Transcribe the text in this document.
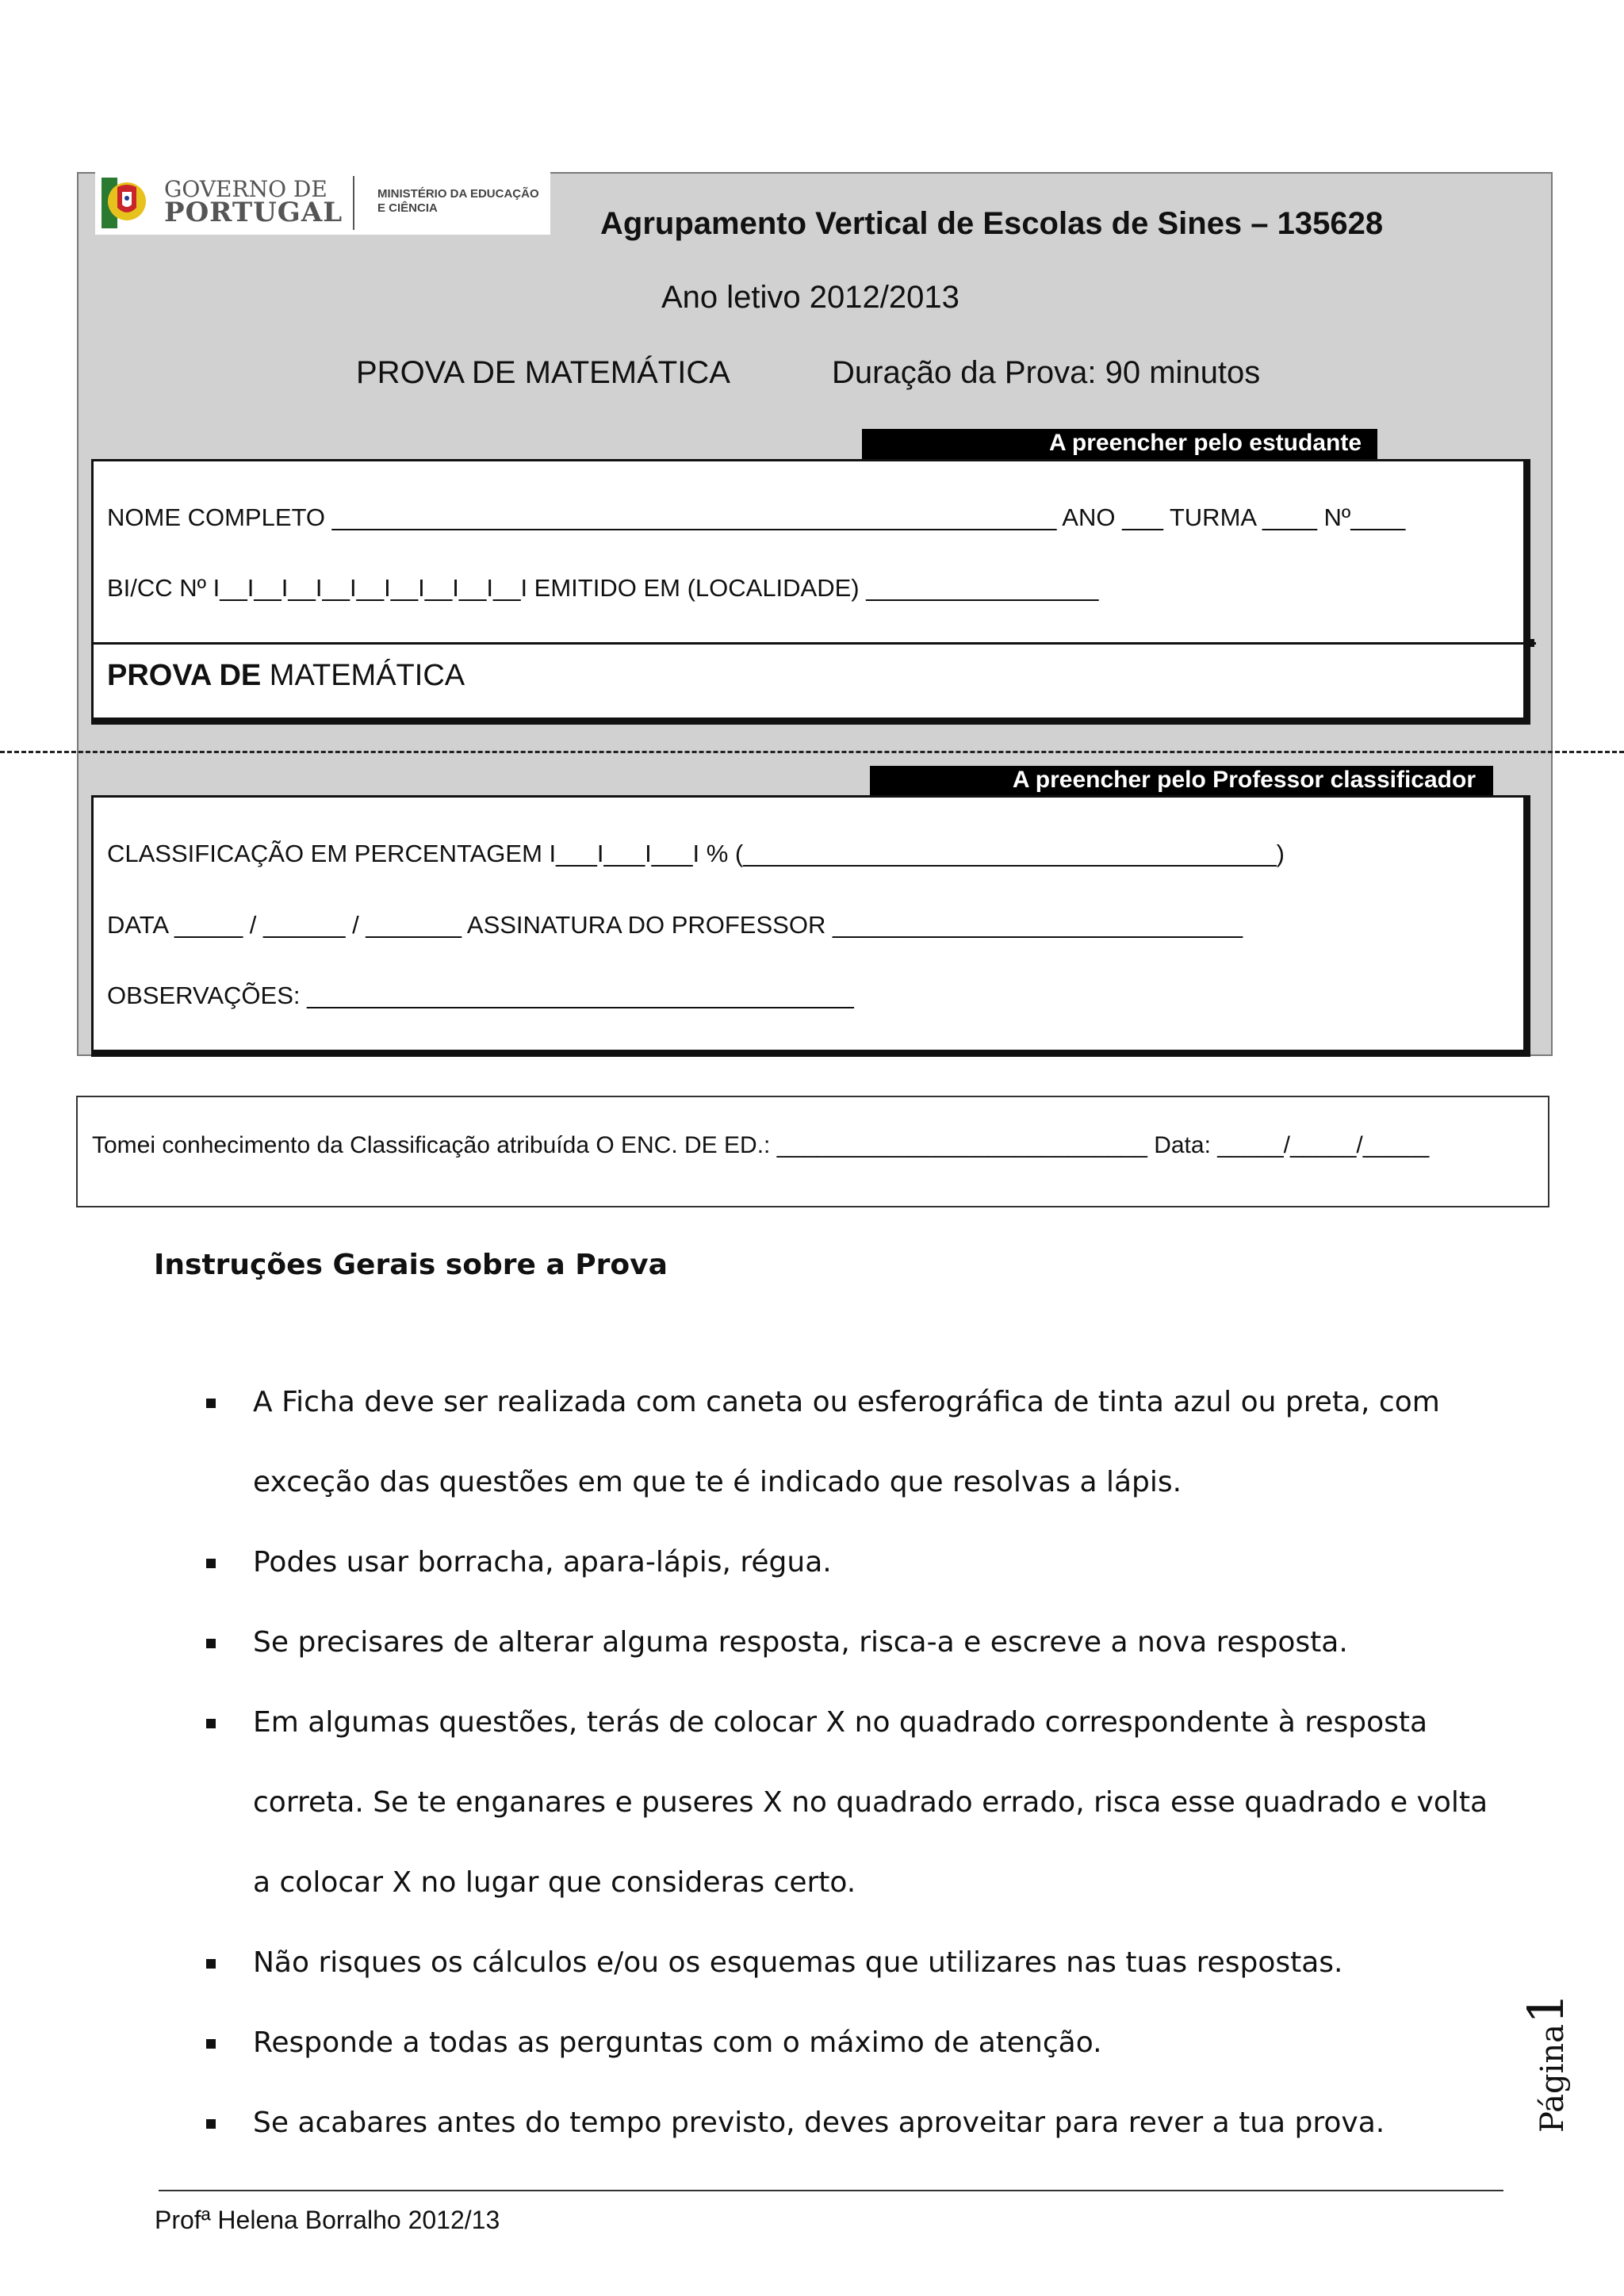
GOVERNO DE
PORTUGAL
MINISTÉRIO DA EDUCAÇÃO E CIÊNCIA	Agrupamento Vertical de Escolas de Sines – 135628
Ano letivo 2012/2013
PROVA DE MATEMÁTICA	Duração da Prova: 90 minutos
A preencher pelo estudante
NOME COMPLETO _____________________________________________________ ANO ___ TURMA ____ Nº____
BI/CC Nº I__I__I__I__I__I__I__I__I__I EMITIDO EM (LOCALIDADE) _________________
PROVA DE MATEMÁTICA
A preencher pelo Professor classificador
CLASSIFICAÇÃO EM PERCENTAGEM I___I___I___I % (_______________________________________)
DATA _____ / ______ / _______ ASSINATURA DO PROFESSOR ______________________________
OBSERVAÇÕES: ________________________________________
Tomei conhecimento da Classificação atribuída O ENC. DE ED.: ____________________________ Data: _____/_____/_____
Instruções Gerais sobre a Prova
A Ficha deve ser realizada com caneta ou esferográfica de tinta azul ou preta, com exceção das questões em que te é indicado que resolvas a lápis.
Podes usar borracha, apara-lápis, régua.
Se precisares de alterar alguma resposta, risca-a e escreve a nova resposta.
Em algumas questões, terás de colocar X no quadrado correspondente à resposta correta. Se te enganares e puseres X no quadrado errado, risca esse quadrado e volta a colocar X no lugar que consideras certo.
Não risques os cálculos e/ou os esquemas que utilizares nas tuas respostas.
Responde a todas as perguntas com o máximo de atenção.
Se acabares antes do tempo previsto, deves aproveitar para rever a tua prova.	Página1
Profª Helena Borralho 2012/13
